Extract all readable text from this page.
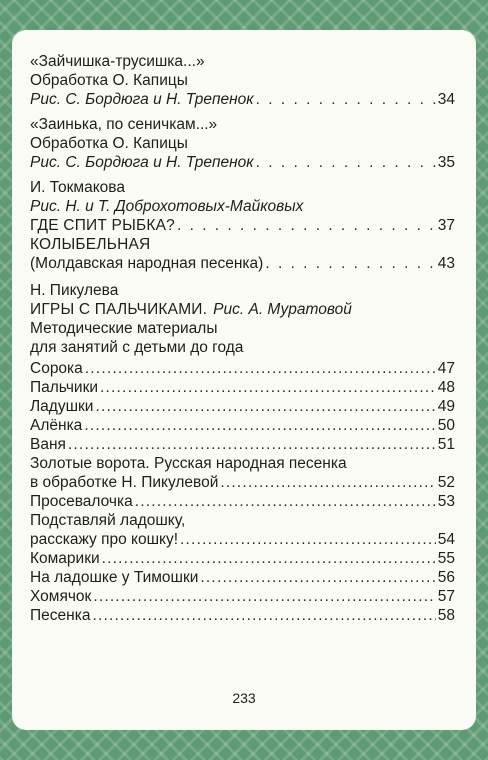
«Зайчишка-трусишка...»
Обработка О. Капицы
Рис. С. Бордюга и Н. Трепенок . . .	34
«Заинька, по сеничкам...»
Обработка О. Капицы
Рис. С. Бордюга и Н. Трепенок . . .	35
И. Токмакова
Рис. Н. и Т. Доброхотовых-Майковых
ГДЕ СПИТ РЫБКА? . . .	37
КОЛЫБЕЛЬНАЯ
(Молдавская народная песенка) . . .	43
Н. Пикулева
ИГРЫ С ПАЛЬЧИКАМИ. Рис. А. Муратовой
Методические материалы
для занятий с детьми до года
Сорока .....	47
Пальчики .....	48
Ладушки .....	49
Алёнка .....	50
Ваня .....	51
Золотые ворота. Русская народная песенка
в обработке Н. Пикулевой .....	52
Просевалочка .....	53
Подставляй ладошку,
расскажу про кошку! .....	54
Комарики .....	55
На ладошке у Тимошки .....	56
Хомячок .....	57
Песенка .....	58
233
